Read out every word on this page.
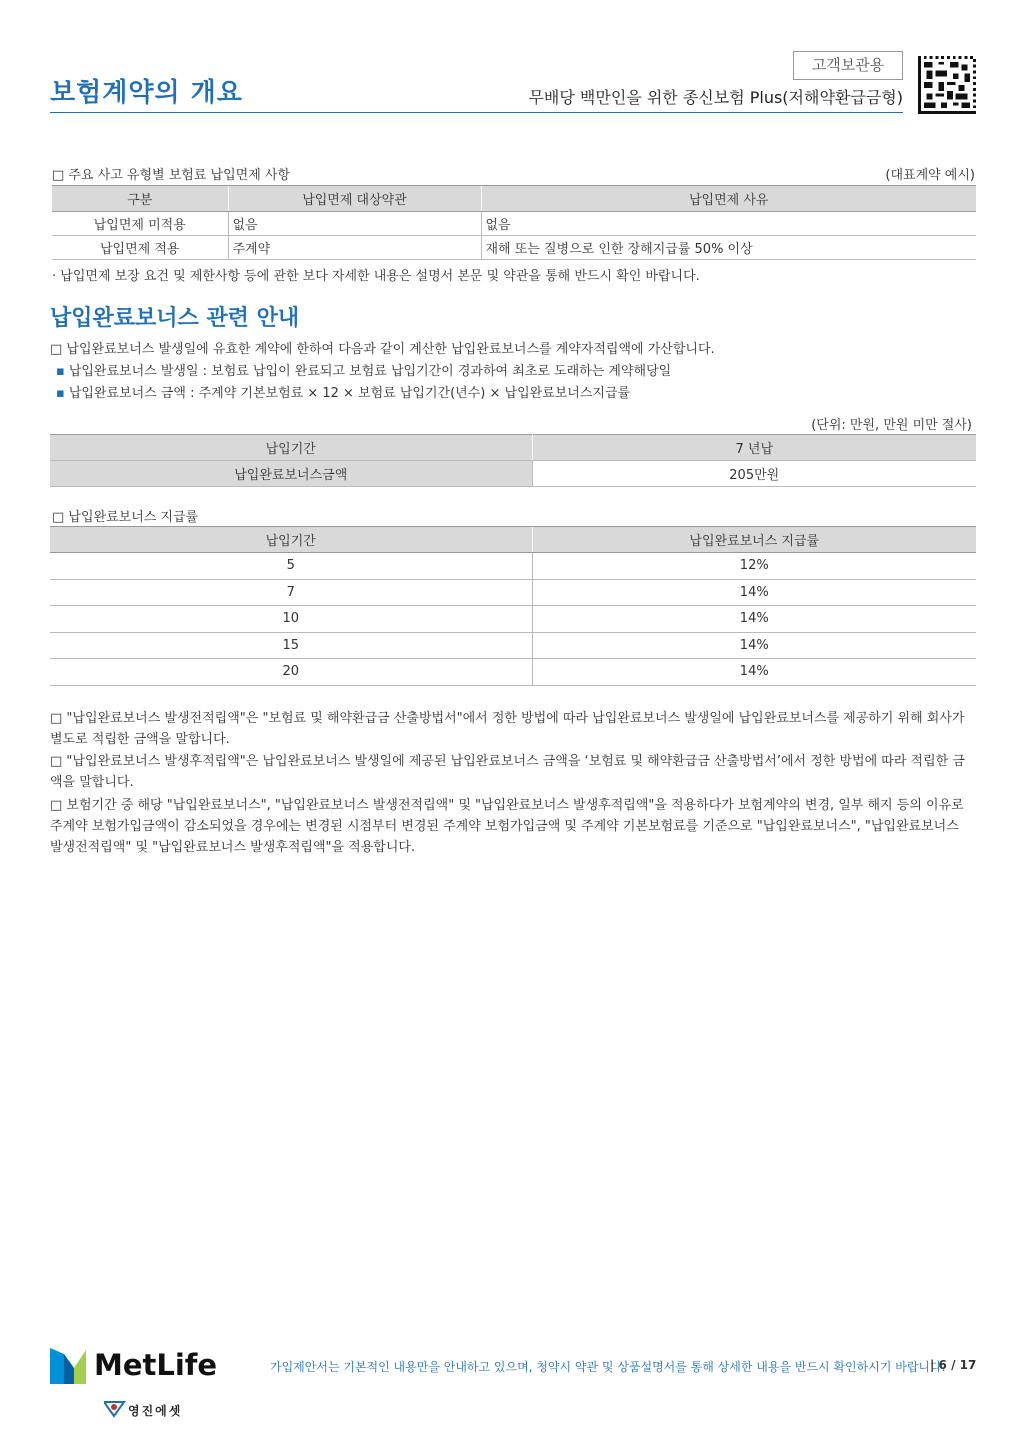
보험계약의 개요
고객보관용
무배당 백만인을 위한 종신보험 Plus(저해약환급금형)
□ 주요 사고 유형별 보험료 납입면제 사항	(대표계약 예시)
구분	납입면제 대상약관	납입면제 사유
납입면제 미적용	없음	없음
납입면제 적용	주계약	재해 또는 질병으로 인한 장해지급률 50% 이상
· 납입면제 보장 요건 및 제한사항 등에 관한 보다 자세한 내용은 설명서 본문 및 약관을 통해 반드시 확인 바랍니다.
납입완료보너스 관련 안내
□ 납입완료보너스 발생일에 유효한 계약에 한하여 다음과 같이 계산한 납입완료보너스를 계약자적립액에 가산합니다.
▪ 납입완료보너스 발생일 : 보험료 납입이 완료되고 보험료 납입기간이 경과하여 최초로 도래하는 계약해당일
▪ 납입완료보너스 금액 : 주계약 기본보험료 × 12 × 보험료 납입기간(년수) × 납입완료보너스지급률
(단위: 만원, 만원 미만 절사)
납입기간	7 년납
납입완료보너스금액	205만원
□ 납입완료보너스 지급률
납입기간	납입완료보너스 지급률
5	12%
7	14%
10	14%
15	14%
20	14%
□ "납입완료보너스 발생전적립액"은 "보험료 및 해약환급금 산출방법서"에서 정한 방법에 따라 납입완료보너스 발생일에 납입완료보너스를 제공하기 위해 회사가 별도로 적립한 금액을 말합니다.
□ "납입완료보너스 발생후적립액"은 납입완료보너스 발생일에 제공된 납입완료보너스 금액을 ‘보험료 및 해약환급금 산출방법서’에서 정한 방법에 따라 적립한 금액을 말합니다.
□ 보험기간 중 해당 "납입완료보너스", "납입완료보너스 발생전적립액" 및 "납입완료보너스 발생후적립액"을 적용하다가 보험계약의 변경, 일부 해지 등의 이유로 주계약 보험가입금액이 감소되었을 경우에는 변경된 시점부터 변경된 주계약 보험가입금액 및 주계약 기본보험료를 기준으로 "납입완료보너스", "납입완료보너스 발생전적립액" 및 "납입완료보너스 발생후적립액"을 적용합니다.
MetLife
영진에셋
가입제안서는 기본적인 내용만을 안내하고 있으며, 청약시 약관 및 상품설명서를 통해 상세한 내용을 반드시 확인하시기 바랍니다.
| 6 / 17
